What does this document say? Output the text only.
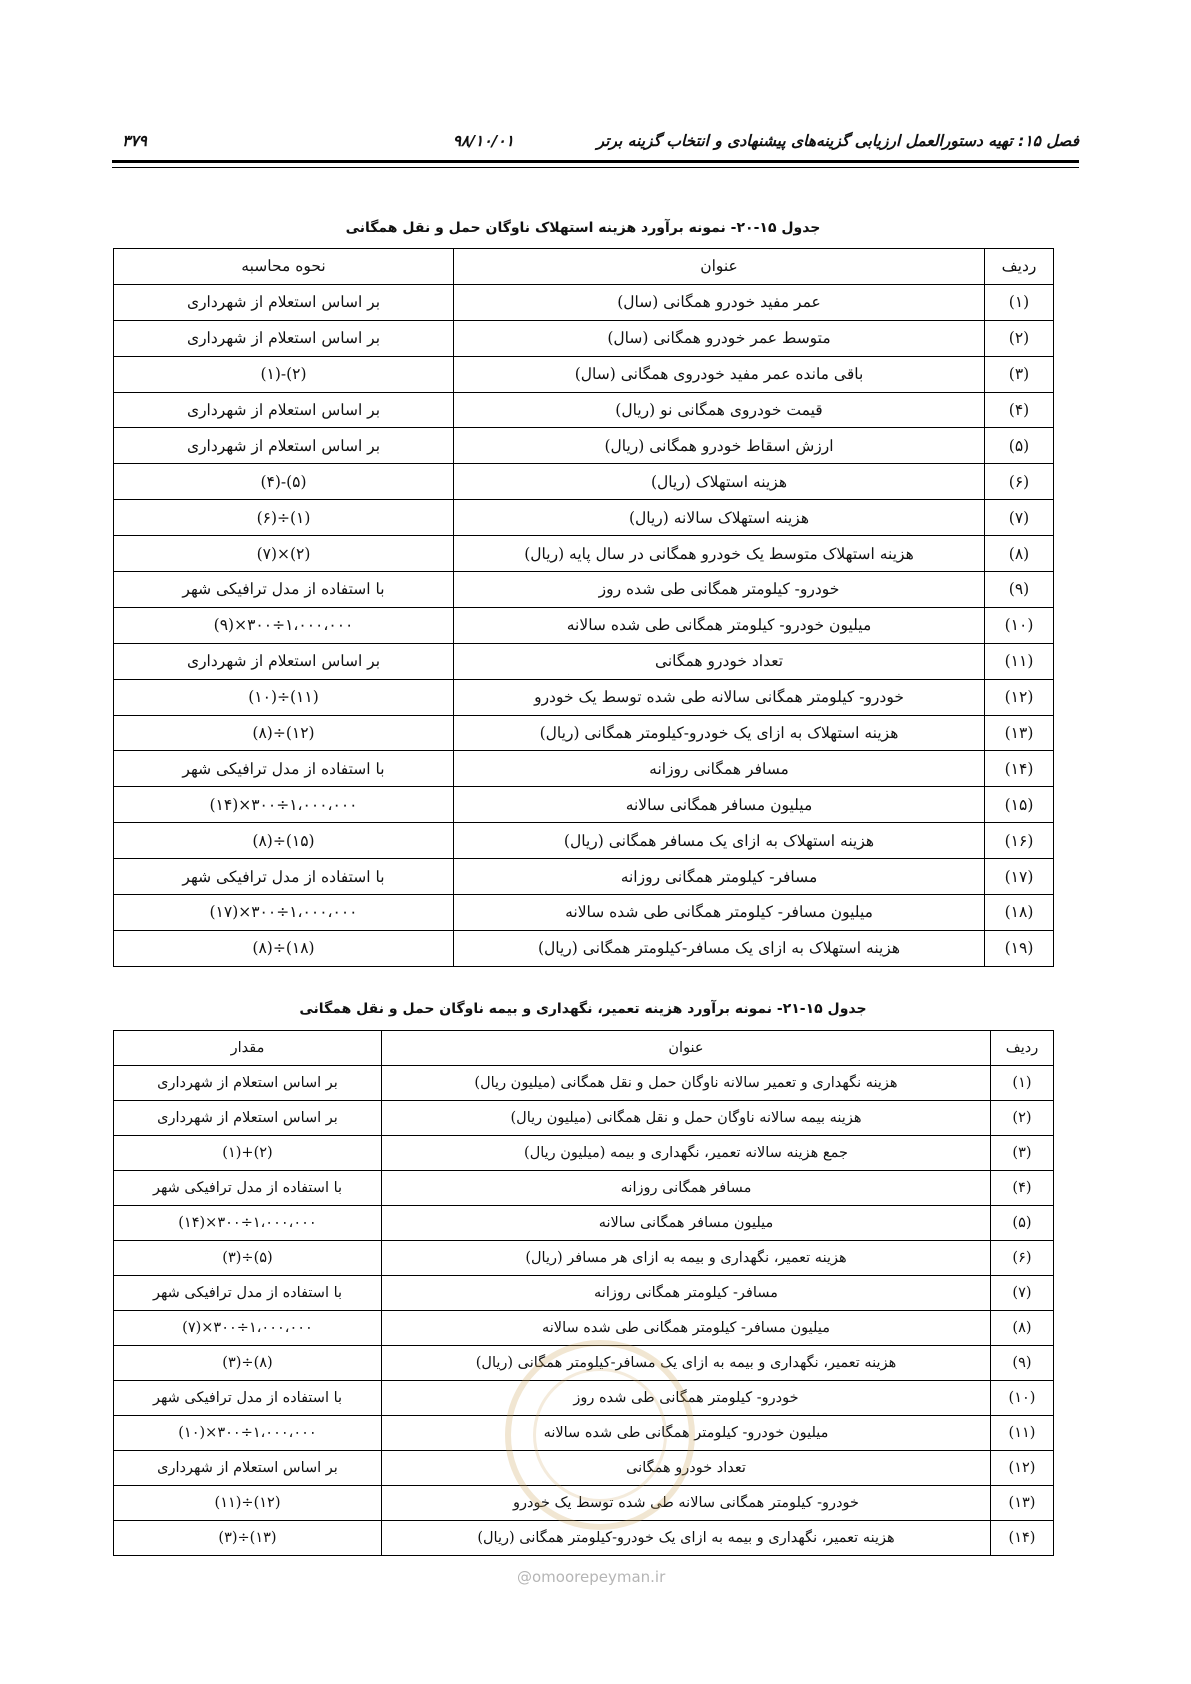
فصل ۱۵: تهیه دستورالعمل ارزیابی گزینه‌های پیشنهادی و انتخاب گزینه برتر
۹۸/۱۰/۰۱
۳۷۹
جدول ۱۵-۲۰- نمونه برآورد هزینه استهلاک ناوگان حمل و نقل همگانی
ردیف	عنوان	نحوه محاسبه
(۱)	عمر مفید خودرو همگانی (سال)	بر اساس استعلام از شهرداری
(۲)	متوسط عمر خودرو همگانی (سال)	بر اساس استعلام از شهرداری
(۳)	باقی مانده عمر مفید خودروی همگانی (سال)	(۲)-(۱)
(۴)	قیمت خودروی همگانی نو (ریال)	بر اساس استعلام از شهرداری
(۵)	ارزش اسقاط خودرو همگانی (ریال)	بر اساس استعلام از شهرداری
(۶)	هزینه استهلاک (ریال)	(۵)-(۴)
(۷)	هزینه استهلاک سالانه (ریال)	(۱)÷(۶)
(۸)	هزینه استهلاک متوسط یک خودرو همگانی در سال پایه (ریال)	(۲)×(۷)
(۹)	خودرو- کیلومتر همگانی طی شده روز	با استفاده از مدل ترافیکی شهر
(۱۰)	میلیون خودرو- کیلومتر همگانی طی شده سالانه	۱،۰۰۰،۰۰۰÷۳۰۰×(۹)
(۱۱)	تعداد خودرو همگانی	بر اساس استعلام از شهرداری
(۱۲)	خودرو- کیلومتر همگانی سالانه طی شده توسط یک خودرو	(۱۱)÷(۱۰)
(۱۳)	هزینه استهلاک به ازای یک خودرو-کیلومتر همگانی (ریال)	(۱۲)÷(۸)
(۱۴)	مسافر همگانی روزانه	با استفاده از مدل ترافیکی شهر
(۱۵)	میلیون مسافر همگانی سالانه	۱،۰۰۰،۰۰۰÷۳۰۰×(۱۴)
(۱۶)	هزینه استهلاک به ازای یک مسافر همگانی (ریال)	(۱۵)÷(۸)
(۱۷)	مسافر- کیلومتر همگانی روزانه	با استفاده از مدل ترافیکی شهر
(۱۸)	میلیون مسافر- کیلومتر همگانی طی شده سالانه	۱،۰۰۰،۰۰۰÷۳۰۰×(۱۷)
(۱۹)	هزینه استهلاک به ازای یک مسافر-کیلومتر همگانی (ریال)	(۱۸)÷(۸)
جدول ۱۵-۲۱- نمونه برآورد هزینه تعمیر، نگهداری و بیمه ناوگان حمل و نقل همگانی
ردیف	عنوان	مقدار
(۱)	هزینه نگهداری و تعمیر سالانه ناوگان حمل و نقل همگانی (میلیون ریال)	بر اساس استعلام از شهرداری
(۲)	هزینه بیمه سالانه ناوگان حمل و نقل همگانی (میلیون ریال)	بر اساس استعلام از شهرداری
(۳)	جمع هزینه سالانه تعمیر، نگهداری و بیمه (میلیون ریال)	(۲)+(۱)
(۴)	مسافر همگانی روزانه	با استفاده از مدل ترافیکی شهر
(۵)	میلیون مسافر همگانی سالانه	۱،۰۰۰،۰۰۰÷۳۰۰×(۱۴)
(۶)	هزینه تعمیر، نگهداری و بیمه به ازای هر مسافر (ریال)	(۵)÷(۳)
(۷)	مسافر- کیلومتر همگانی روزانه	با استفاده از مدل ترافیکی شهر
(۸)	میلیون مسافر- کیلومتر همگانی طی شده سالانه	۱،۰۰۰،۰۰۰÷۳۰۰×(۷)
(۹)	هزینه تعمیر، نگهداری و بیمه به ازای یک مسافر-کیلومتر همگانی (ریال)	(۸)÷(۳)
(۱۰)	خودرو- کیلومتر همگانی طی شده روز	با استفاده از مدل ترافیکی شهر
(۱۱)	میلیون خودرو- کیلومتر همگانی طی شده سالانه	۱،۰۰۰،۰۰۰÷۳۰۰×(۱۰)
(۱۲)	تعداد خودرو همگانی	بر اساس استعلام از شهرداری
(۱۳)	خودرو- کیلومتر همگانی سالانه طی شده توسط یک خودرو	(۱۲)÷(۱۱)
(۱۴)	هزینه تعمیر، نگهداری و بیمه به ازای یک خودرو-کیلومتر همگانی (ریال)	(۱۳)÷(۳)
@omoorepeyman.ir
